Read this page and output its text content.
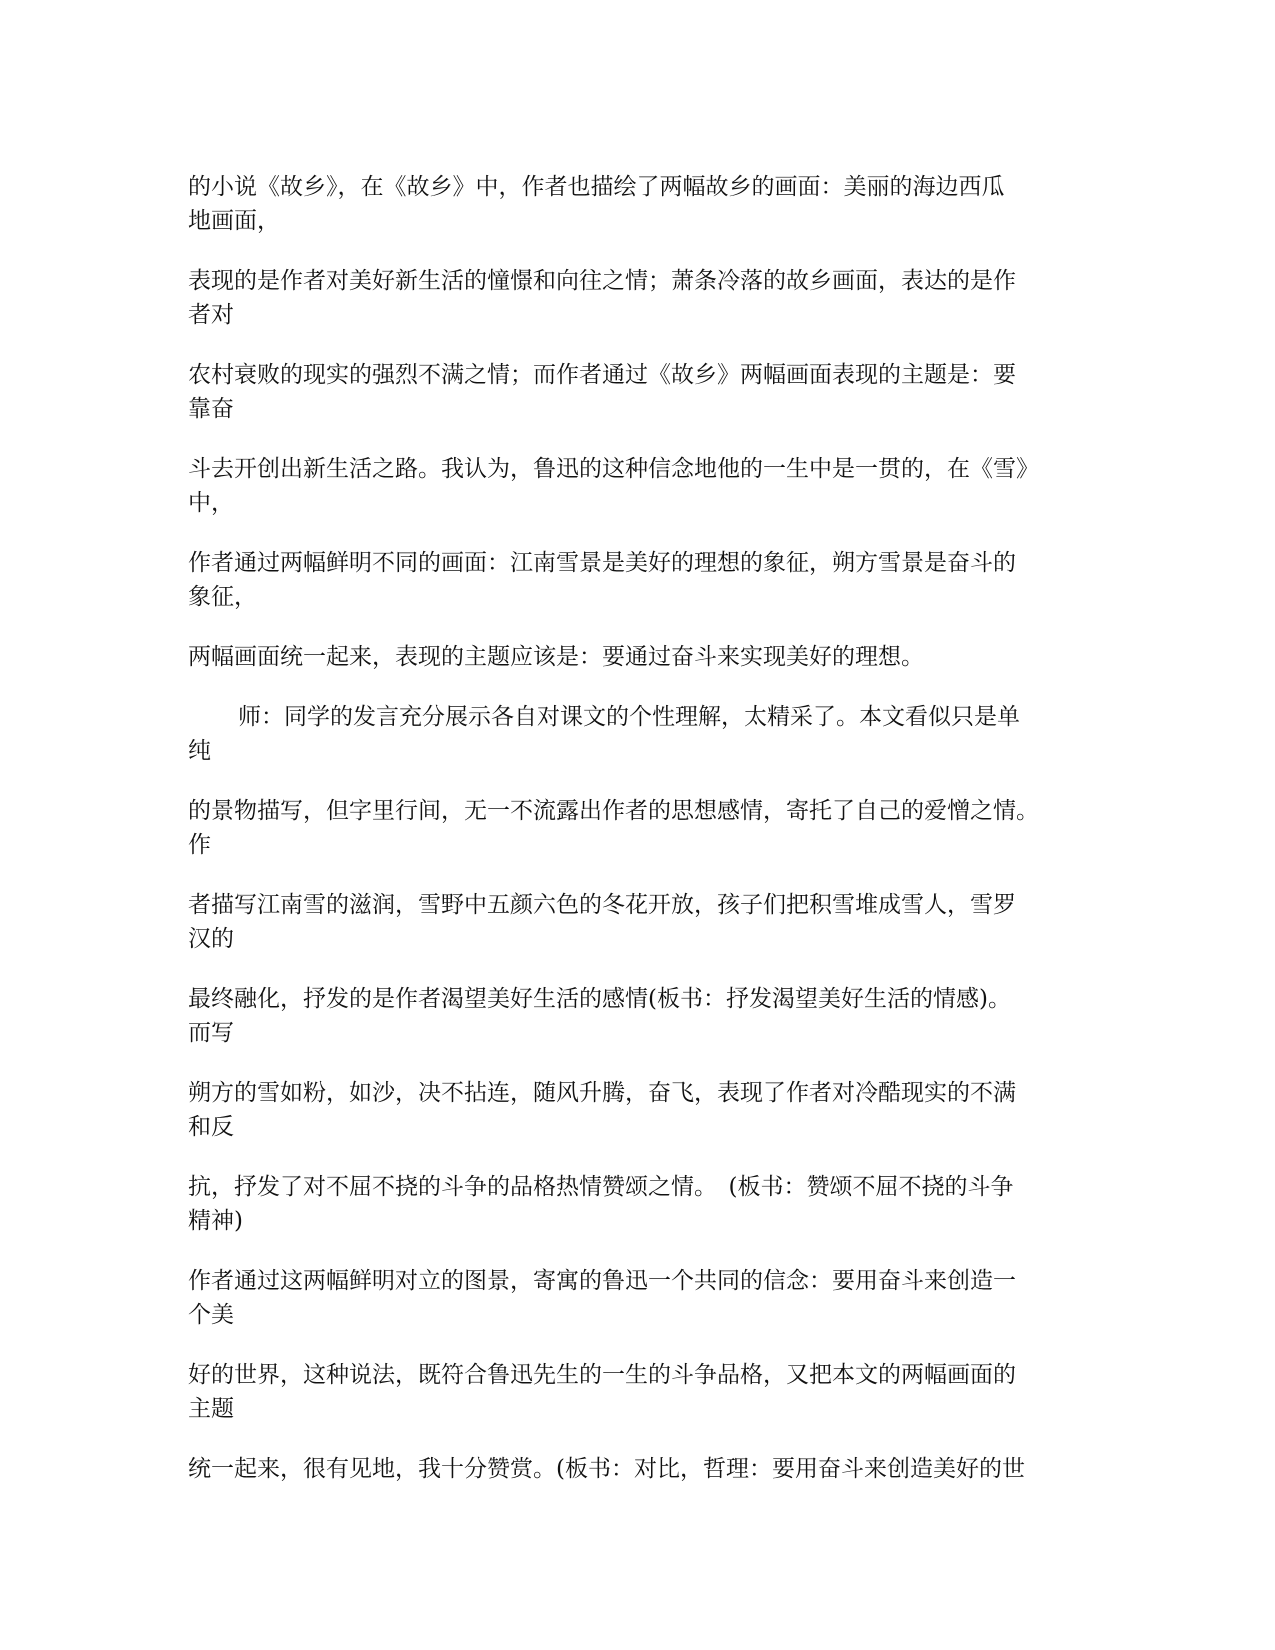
的小说《故乡》，在《故乡》中，作者也描绘了两幅故乡的画面：美丽的海边西瓜
地画面，

表现的是作者对美好新生活的憧憬和向往之情；萧条冷落的故乡画面，表达的是作
者对

农村衰败的现实的强烈不满之情；而作者通过《故乡》两幅画面表现的主题是：要
靠奋

斗去开创出新生活之路。我认为，鲁迅的这种信念地他的一生中是一贯的，在《雪》
中，

作者通过两幅鲜明不同的画面：江南雪景是美好的理想的象征，朔方雪景是奋斗的
象征，

两幅画面统一起来，表现的主题应该是：要通过奋斗来实现美好的理想。

师：同学的发言充分展示各自对课文的个性理解，太精采了。本文看似只是单
纯

的景物描写，但字里行间，无一不流露出作者的思想感情，寄托了自己的爱憎之情。
作

者描写江南雪的滋润，雪野中五颜六色的冬花开放，孩子们把积雪堆成雪人，雪罗
汉的

最终融化，抒发的是作者渴望美好生活的感情(板书：抒发渴望美好生活的情感)。
而写

朔方的雪如粉，如沙，决不拈连，随风升腾，奋飞，表现了作者对冷酷现实的不满
和反

抗，抒发了对不屈不挠的斗争的品格热情赞颂之情。　(板书：赞颂不屈不挠的斗争
精神)

作者通过这两幅鲜明对立的图景，寄寓的鲁迅一个共同的信念：要用奋斗来创造一
个美

好的世界，这种说法，既符合鲁迅先生的一生的斗争品格，又把本文的两幅画面的
主题

统一起来，很有见地，我十分赞赏。(板书：对比，哲理：要用奋斗来创造美好的世
